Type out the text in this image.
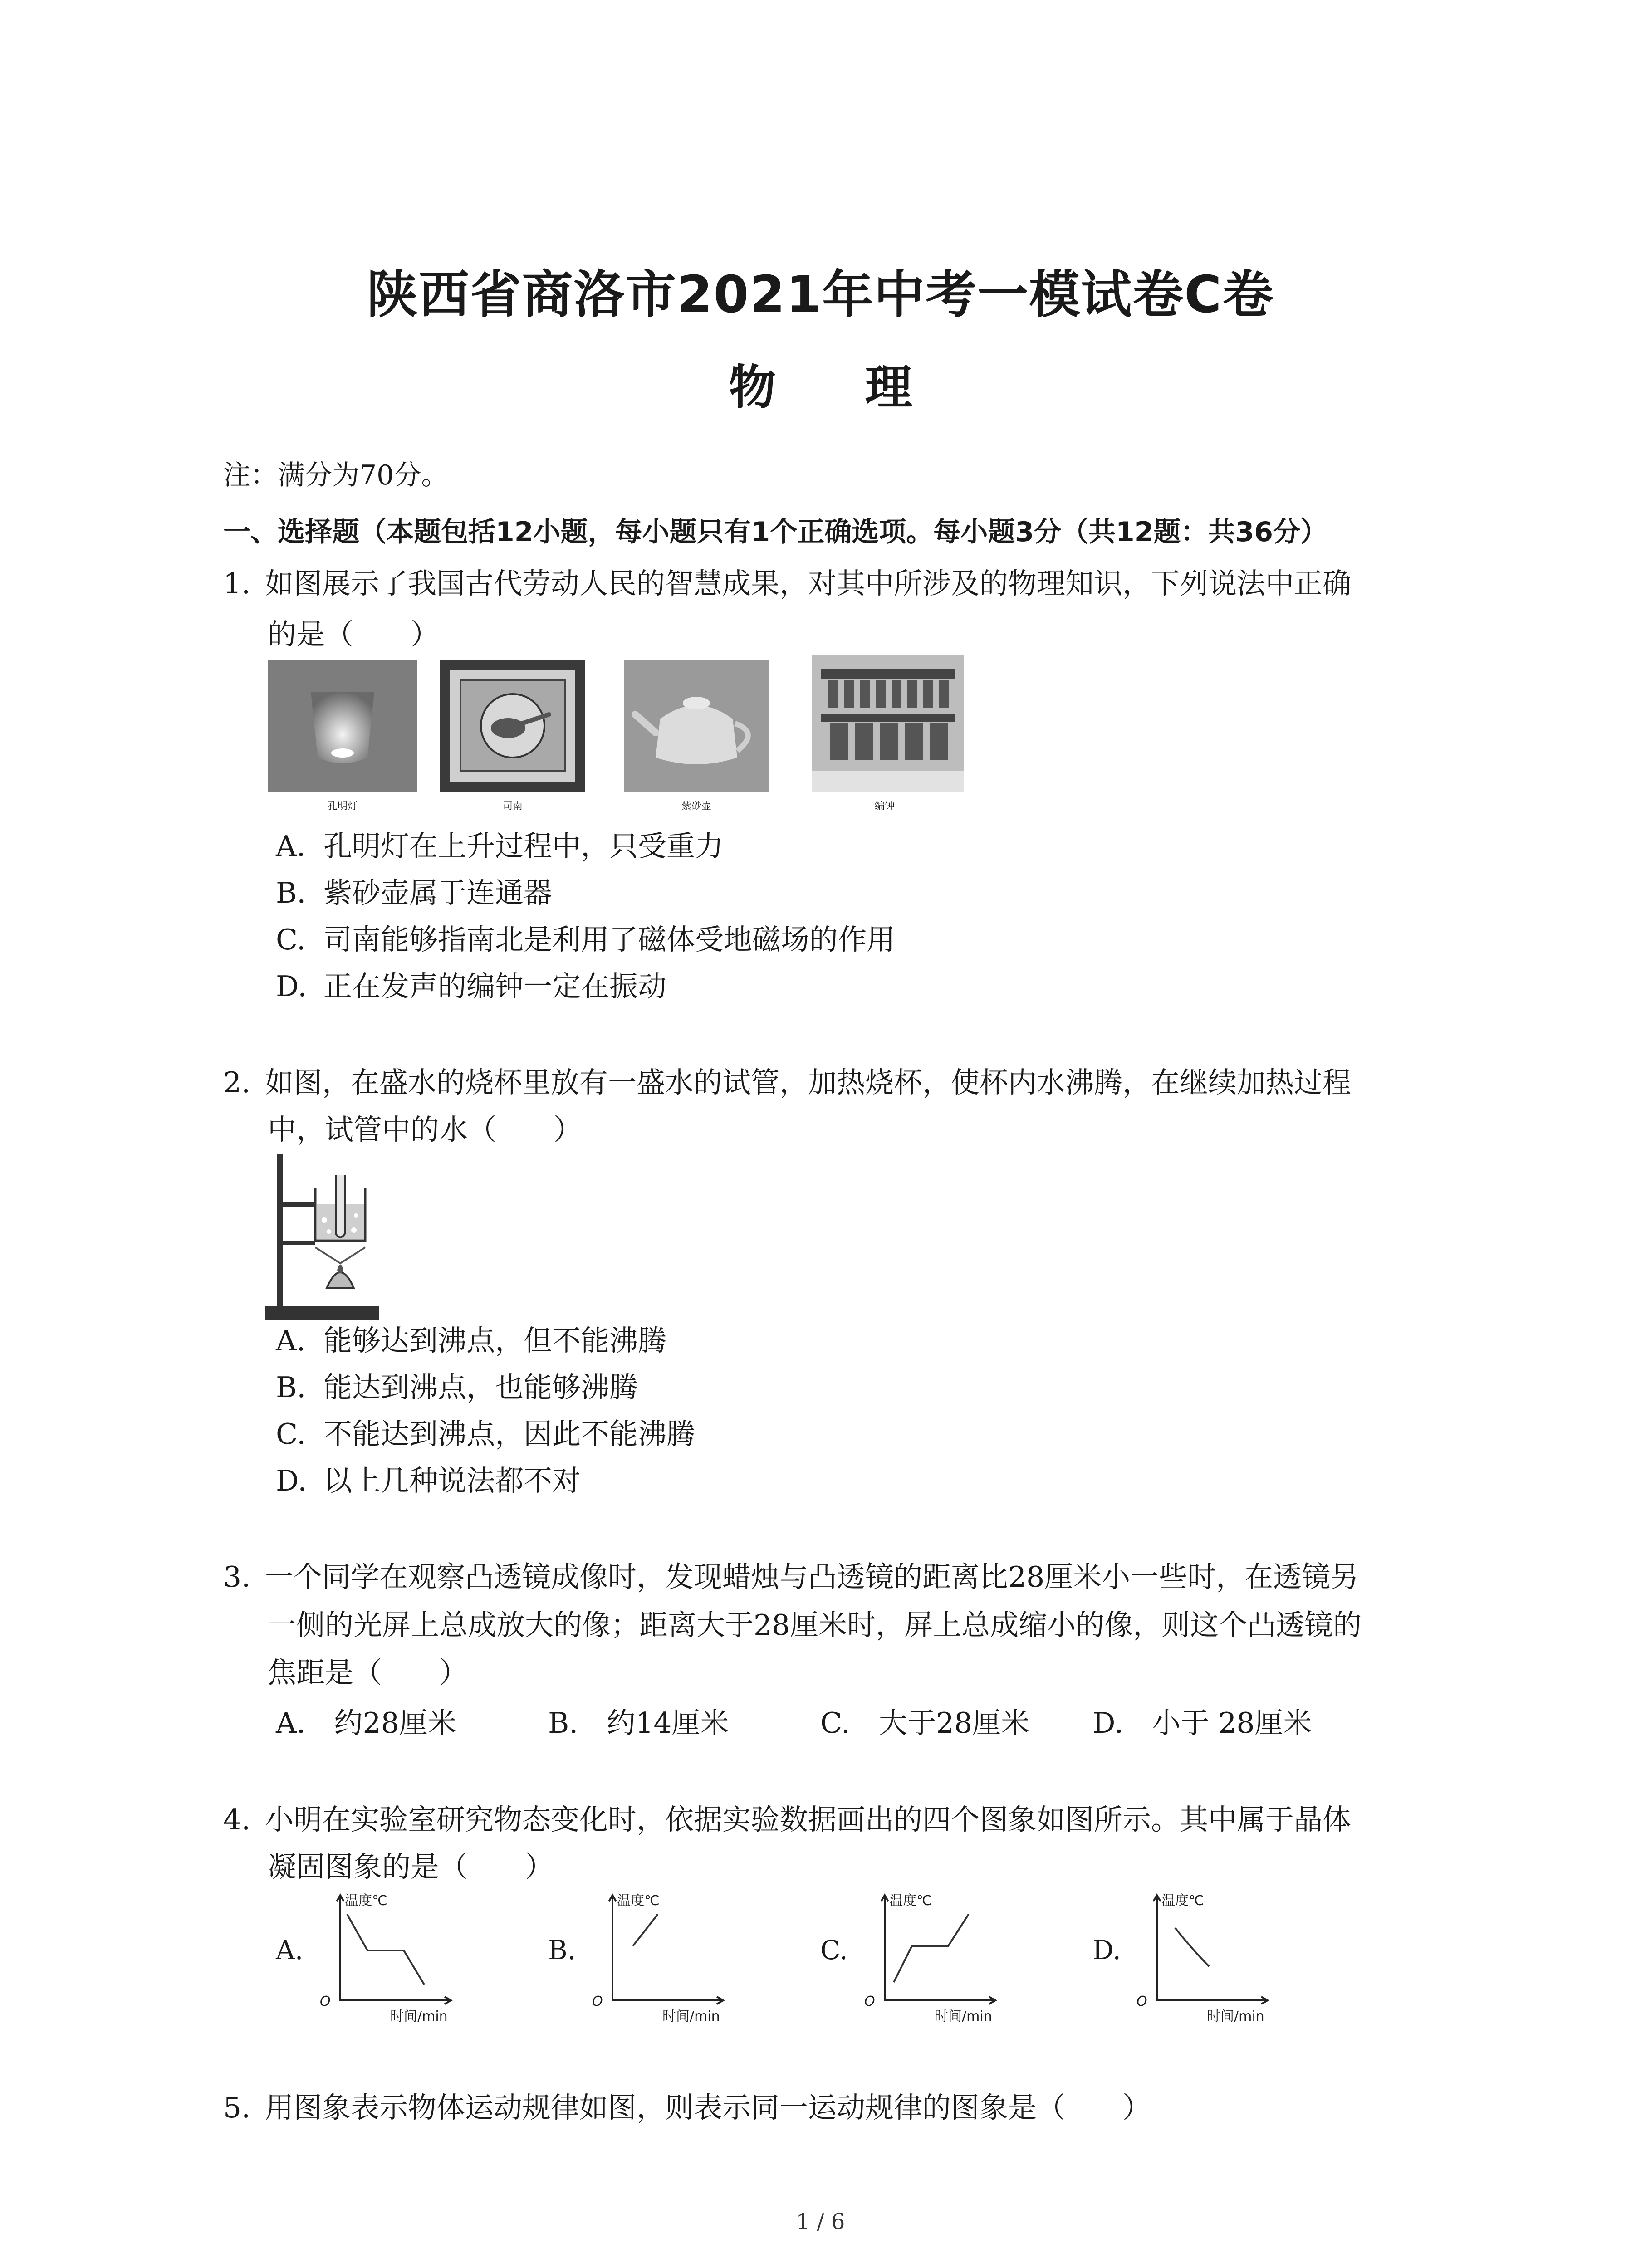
陕西省商洛市2021年中考一模试卷C卷
物 理
注：满分为70分。
一、选择题（本题包括12小题，每小题只有1个正确选项。每小题3分（共12题：共36分）
1. 如图展示了我国古代劳动人民的智慧成果，对其中所涉及的物理知识，下列说法中正确
的是（　　）
孔明灯	司南	紫砂壶	编钟
A. 孔明灯在上升过程中，只受重力
B. 紫砂壶属于连通器
C. 司南能够指南北是利用了磁体受地磁场的作用
D. 正在发声的编钟一定在振动
2. 如图，在盛水的烧杯里放有一盛水的试管，加热烧杯，使杯内水沸腾，在继续加热过程
中，试管中的水（　　）
A. 能够达到沸点，但不能沸腾
B. 能达到沸点，也能够沸腾
C. 不能达到沸点，因此不能沸腾
D. 以上几种说法都不对
3. 一个同学在观察凸透镜成像时，发现蜡烛与凸透镜的距离比28厘米小一些时，在透镜另
一侧的光屏上总成放大的像；距离大于28厘米时，屏上总成缩小的像，则这个凸透镜的
焦距是（　　）
A.　 约28厘米	B.　 约14厘米	C.　 大于28厘米 D.　 小于 28厘米
4. 小明在实验室研究物态变化时，依据实验数据画出的四个图象如图所示。其中属于晶体
凝固图象的是（　　）
A.
温度℃
时间/min
O
B.
温度℃
时间/min
O
C.
温度℃
时间/min
O
D.
温度℃
时间/min
O
5. 用图象表示物体运动规律如图，则表示同一运动规律的图象是（　　）
1 / 6
